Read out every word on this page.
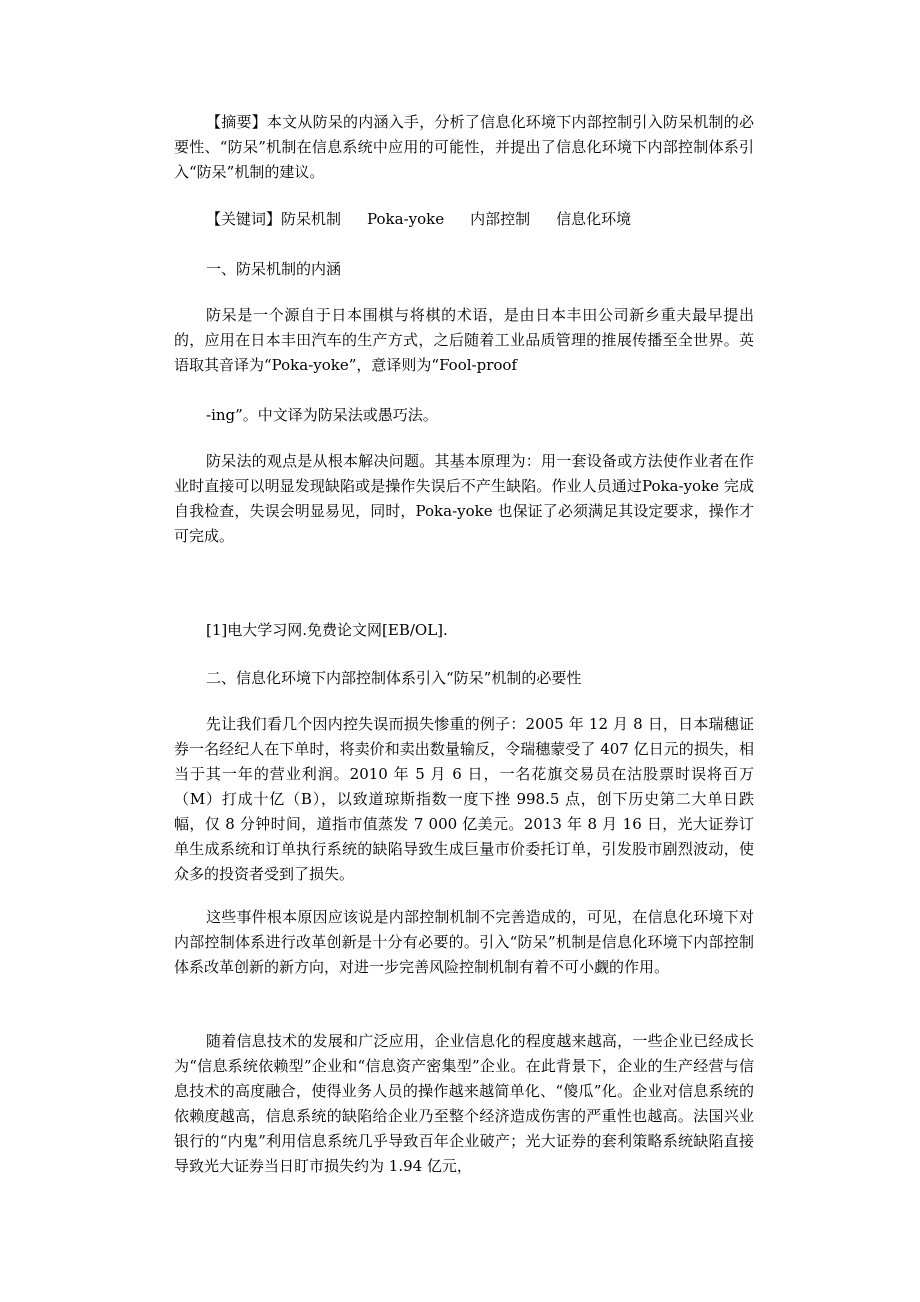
【摘要】本文从防呆的内涵入手，分析了信息化环境下内部控制引入防呆机制的必要性、“防呆”机制在信息系统中应用的可能性，并提出了信息化环境下内部控制体系引入“防呆”机制的建议。

【关键词】防呆机制 Poka-yoke 内部控制 信息化环境

一、防呆机制的内涵

防呆是一个源自于日本围棋与将棋的术语，是由日本丰田公司新乡重夫最早提出的，应用在日本丰田汽车的生产方式，之后随着工业品质管理的推展传播至全世界。英语取其音译为“Poka-yoke”，意译则为“Fool-proof

-ing”。中文译为防呆法或愚巧法。

防呆法的观点是从根本解决问题。其基本原理为：用一套设备或方法使作业者在作业时直接可以明显发现缺陷或是操作失误后不产生缺陷。作业人员通过Poka-yoke 完成自我检查，失误会明显易见，同时，Poka-yoke 也保证了必须满足其设定要求，操作才可完成。

[1]电大学习网.免费论文网[EB/OL].

二、信息化环境下内部控制体系引入“防呆”机制的必要性

先让我们看几个因内控失误而损失惨重的例子：2005 年 12 月 8 日，日本瑞穗证券一名经纪人在下单时，将卖价和卖出数量输反，令瑞穗蒙受了 407 亿日元的损失，相当于其一年的营业利润。2010 年 5 月 6 日，一名花旗交易员在沽股票时误将百万（M）打成十亿（B），以致道琼斯指数一度下挫 998.5 点，创下历史第二大单日跌幅，仅 8 分钟时间，道指市值蒸发 7 000 亿美元。2013 年 8 月 16 日，光大证券订单生成系统和订单执行系统的缺陷导致生成巨量市价委托订单，引发股市剧烈波动，使众多的投资者受到了损失。

这些事件根本原因应该说是内部控制机制不完善造成的，可见，在信息化环境下对内部控制体系进行改革创新是十分有必要的。引入“防呆”机制是信息化环境下内部控制体系改革创新的新方向，对进一步完善风险控制机制有着不可小觑的作用。

随着信息技术的发展和广泛应用，企业信息化的程度越来越高，一些企业已经成长为“信息系统依赖型”企业和“信息资产密集型”企业。在此背景下，企业的生产经营与信息技术的高度融合，使得业务人员的操作越来越简单化、“傻瓜”化。企业对信息系统的依赖度越高，信息系统的缺陷给企业乃至整个经济造成伤害的严重性也越高。法国兴业银行的“内鬼”利用信息系统几乎导致百年企业破产；光大证券的套利策略系统缺陷直接导致光大证券当日盯市损失约为 1.94 亿元，
